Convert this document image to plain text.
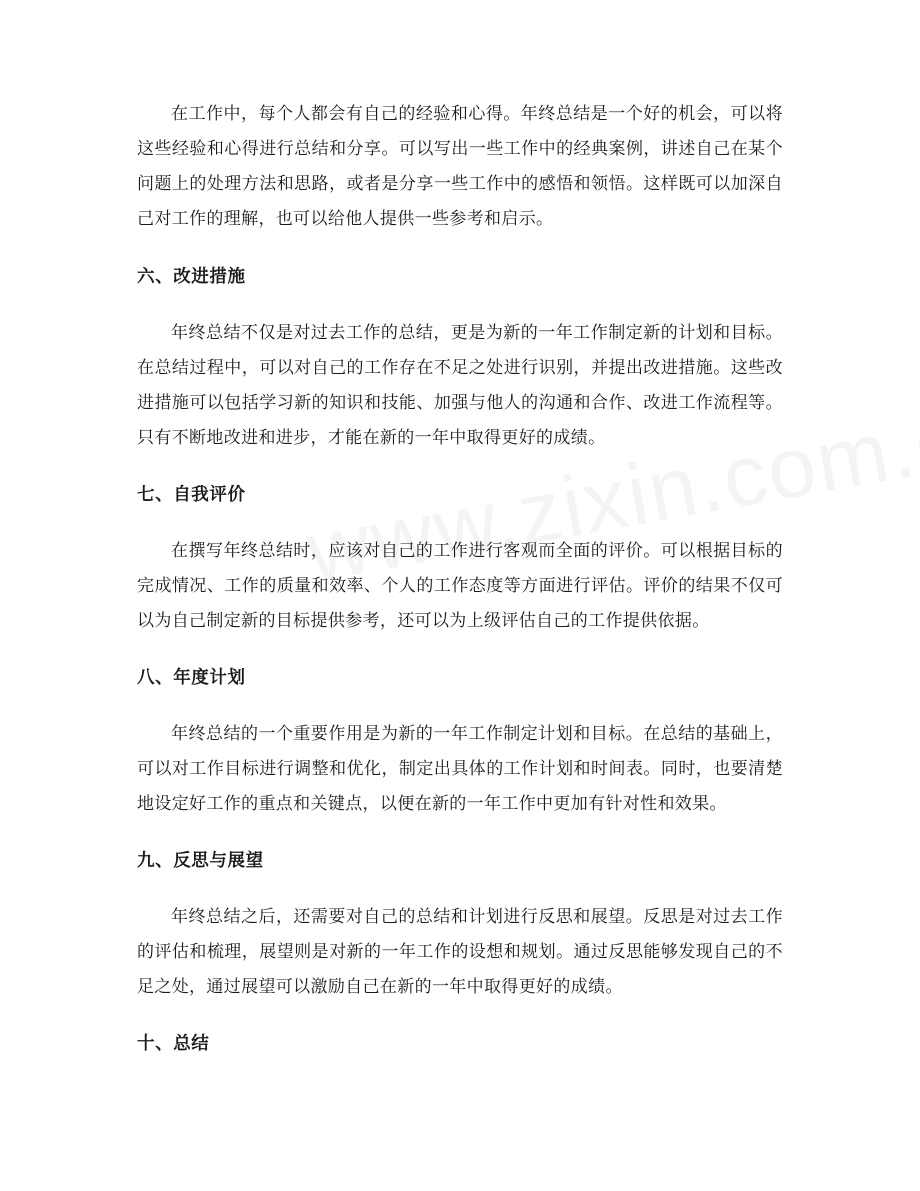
在工作中，每个人都会有自己的经验和心得。年终总结是一个好的机会，可以将这些经验和心得进行总结和分享。可以写出一些工作中的经典案例，讲述自己在某个问题上的处理方法和思路，或者是分享一些工作中的感悟和领悟。这样既可以加深自己对工作的理解，也可以给他人提供一些参考和启示。

六、改进措施

年终总结不仅是对过去工作的总结，更是为新的一年工作制定新的计划和目标。在总结过程中，可以对自己的工作存在不足之处进行识别，并提出改进措施。这些改进措施可以包括学习新的知识和技能、加强与他人的沟通和合作、改进工作流程等。只有不断地改进和进步，才能在新的一年中取得更好的成绩。

七、自我评价

在撰写年终总结时，应该对自己的工作进行客观而全面的评价。可以根据目标的完成情况、工作的质量和效率、个人的工作态度等方面进行评估。评价的结果不仅可以为自己制定新的目标提供参考，还可以为上级评估自己的工作提供依据。

八、年度计划

年终总结的一个重要作用是为新的一年工作制定计划和目标。在总结的基础上，可以对工作目标进行调整和优化，制定出具体的工作计划和时间表。同时，也要清楚地设定好工作的重点和关键点，以便在新的一年工作中更加有针对性和效果。

九、反思与展望

年终总结之后，还需要对自己的总结和计划进行反思和展望。反思是对过去工作的评估和梳理，展望则是对新的一年工作的设想和规划。通过反思能够发现自己的不足之处，通过展望可以激励自己在新的一年中取得更好的成绩。

十、总结
